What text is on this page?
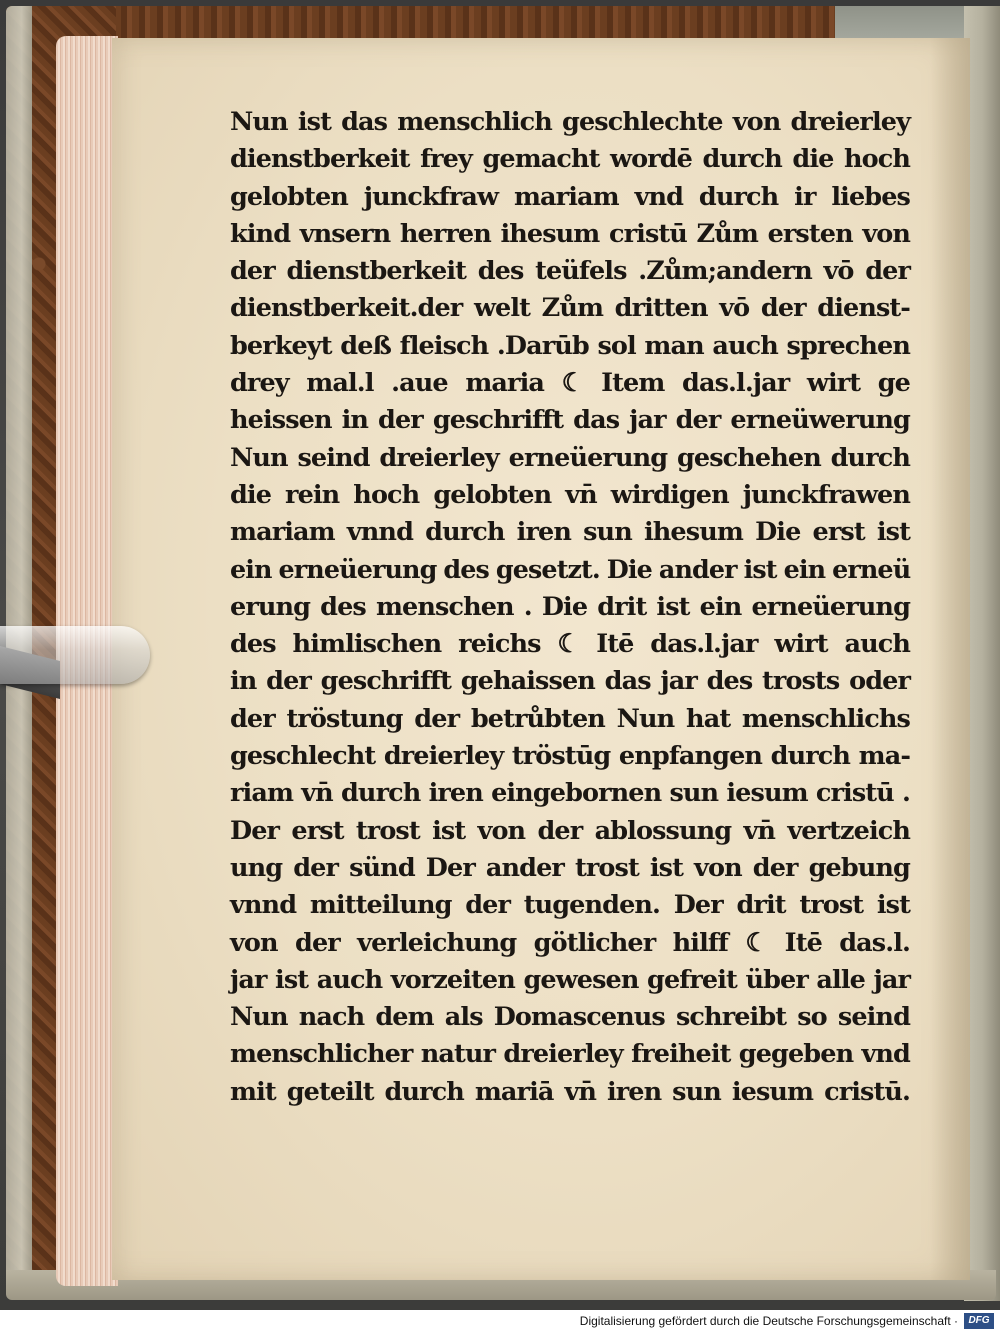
Nun ist das menschlich geschlechte von dreierley
dienstberkeit frey gemacht wordē durch die hoch
gelobten junckfraw mariam vnd durch ir liebes
kind vnsern herren ihesum cristū Zům ersten von
der dienstberkeit des teüfels .Zům;andern vō der
dienstberkeit.der welt Zům dritten vō der dienst-
berkeyt deß fleisch .Darūb sol man auch sprechen
drey mal.l .aue maria ☾ Item das.l.jar wirt ge
heissen in der geschrifft das jar der erneüwerung
Nun seind dreierley erneüerung geschehen durch
die rein hoch gelobten vn̄ wirdigen junckfrawen
mariam vnnd durch iren sun ihesum Die erst ist
ein erneüerung des gesetzt. Die ander ist ein erneü
erung des menschen . Die drit ist ein erneüerung
des himlischen reichs ☾ Itē das.l.jar wirt auch
in der geschrifft gehaissen das jar des trosts oder
der tröstung der betrůbten Nun hat menschlichs
geschlecht dreierley tröstūg enpfangen durch ma-
riam vn̄ durch iren eingebornen sun iesum cristū .
Der erst trost ist von der ablossung vn̄ vertzeich
ung der sünd Der ander trost ist von der gebung
vnnd mitteilung der tugenden. Der drit trost ist
von der verleichung götlicher hilff ☾ Itē das.l.
jar ist auch vorzeiten gewesen gefreit über alle jar
Nun nach dem als Domascenus schreibt so seind
menschlicher natur dreierley freiheit gegeben vnd
mit geteilt durch mariā vn̄ iren sun iesum cristū.
Digitalisierung gefördert durch die Deutsche Forschungsgemeinschaft ·	DFG
